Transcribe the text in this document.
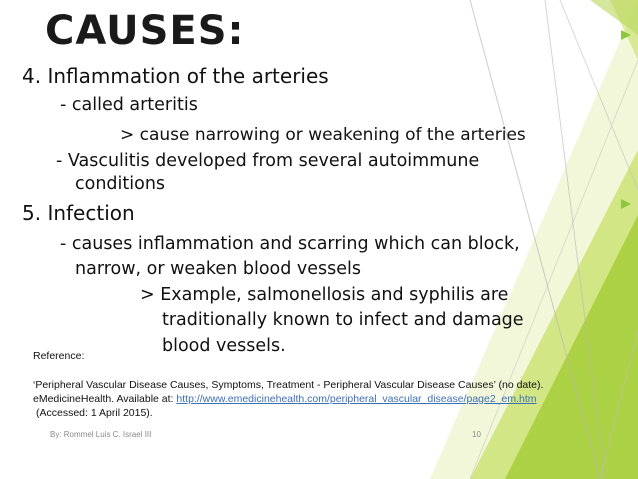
CAUSES:
4. Inflammation of the arteries
- called arteritis
> cause narrowing or weakening of the arteries
- Vasculitis developed from several autoimmune
conditions
5. Infection
- causes inflammation and scarring which can block,
narrow, or weaken blood vessels
> Example, salmonellosis and syphilis are
traditionally known to infect and damage
blood vessels.
Reference:
‘Peripheral Vascular Disease Causes, Symptoms, Treatment - Peripheral Vascular Disease Causes’ (no date).
eMedicineHealth. Available at: http://www.emedicinehealth.com/peripheral_vascular_disease/page2_em.htm
(Accessed: 1 April 2015).
By: Rommel Luis C. Israel III	10
